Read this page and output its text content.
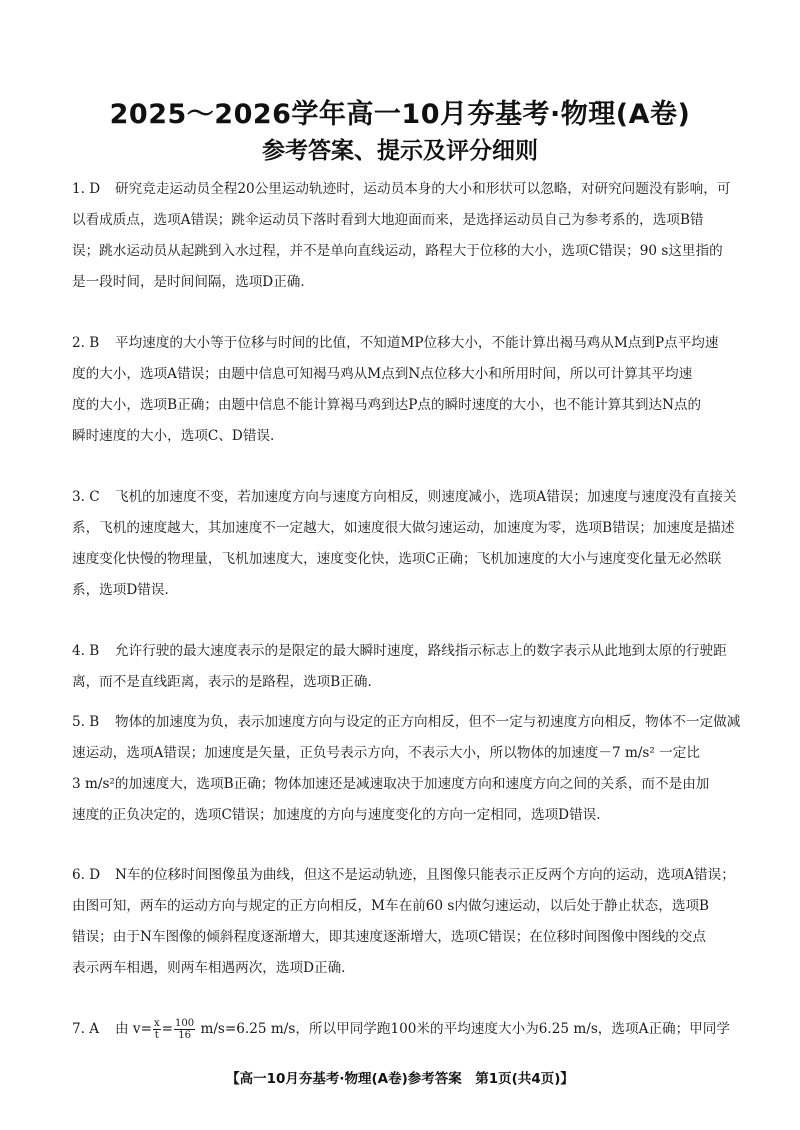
2025～2026学年高一10月夯基考·物理(A卷)
参考答案、提示及评分细则
1. D 研究竞走运动员全程20公里运动轨迹时，运动员本身的大小和形状可以忽略，对研究问题没有影响，可
以看成质点，选项A错误；跳伞运动员下落时看到大地迎面而来，是选择运动员自己为参考系的，选项B错
误；跳水运动员从起跳到入水过程，并不是单向直线运动，路程大于位移的大小，选项C错误；90 s这里指的
是一段时间，是时间间隔，选项D正确.
2. B 平均速度的大小等于位移与时间的比值，不知道MP位移大小，不能计算出褐马鸡从M点到P点平均速
度的大小，选项A错误；由题中信息可知褐马鸡从M点到N点位移大小和所用时间，所以可计算其平均速
度的大小，选项B正确；由题中信息不能计算褐马鸡到达P点的瞬时速度的大小，也不能计算其到达N点的
瞬时速度的大小，选项C、D错误.
3. C 飞机的加速度不变，若加速度方向与速度方向相反，则速度减小，选项A错误；加速度与速度没有直接关
系，飞机的速度越大，其加速度不一定越大，如速度很大做匀速运动，加速度为零，选项B错误；加速度是描述
速度变化快慢的物理量，飞机加速度大，速度变化快，选项C正确；飞机加速度的大小与速度变化量无必然联
系，选项D错误.
4. B 允许行驶的最大速度表示的是限定的最大瞬时速度，路线指示标志上的数字表示从此地到太原的行驶距
离，而不是直线距离，表示的是路程，选项B正确.
5. B 物体的加速度为负，表示加速度方向与设定的正方向相反，但不一定与初速度方向相反，物体不一定做减
速运动，选项A错误；加速度是矢量，正负号表示方向，不表示大小，所以物体的加速度－7 m/s² 一定比
3 m/s²的加速度大，选项B正确；物体加速还是减速取决于加速度方向和速度方向之间的关系，而不是由加
速度的正负决定的，选项C错误；加速度的方向与速度变化的方向一定相同，选项D错误.
6. D N车的位移时间图像虽为曲线，但这不是运动轨迹，且图像只能表示正反两个方向的运动，选项A错误；
由图可知，两车的运动方向与规定的正方向相反，M车在前60 s内做匀速运动，以后处于静止状态，选项B
错误；由于N车图像的倾斜程度逐渐增大，即其速度逐渐增大，选项C错误；在位移时间图像中图线的交点
表示两车相遇，则两车相遇两次，选项D正确.
7. A 由 $v= \frac{x}{t} = \frac{100}{16} m/s=6.25$ m/s，所以甲同学跑100米的平均速度大小为6.25 m/s，选项A正确；甲同学
【高一10月夯基考·物理(A卷)参考答案　第1页(共4页)】
